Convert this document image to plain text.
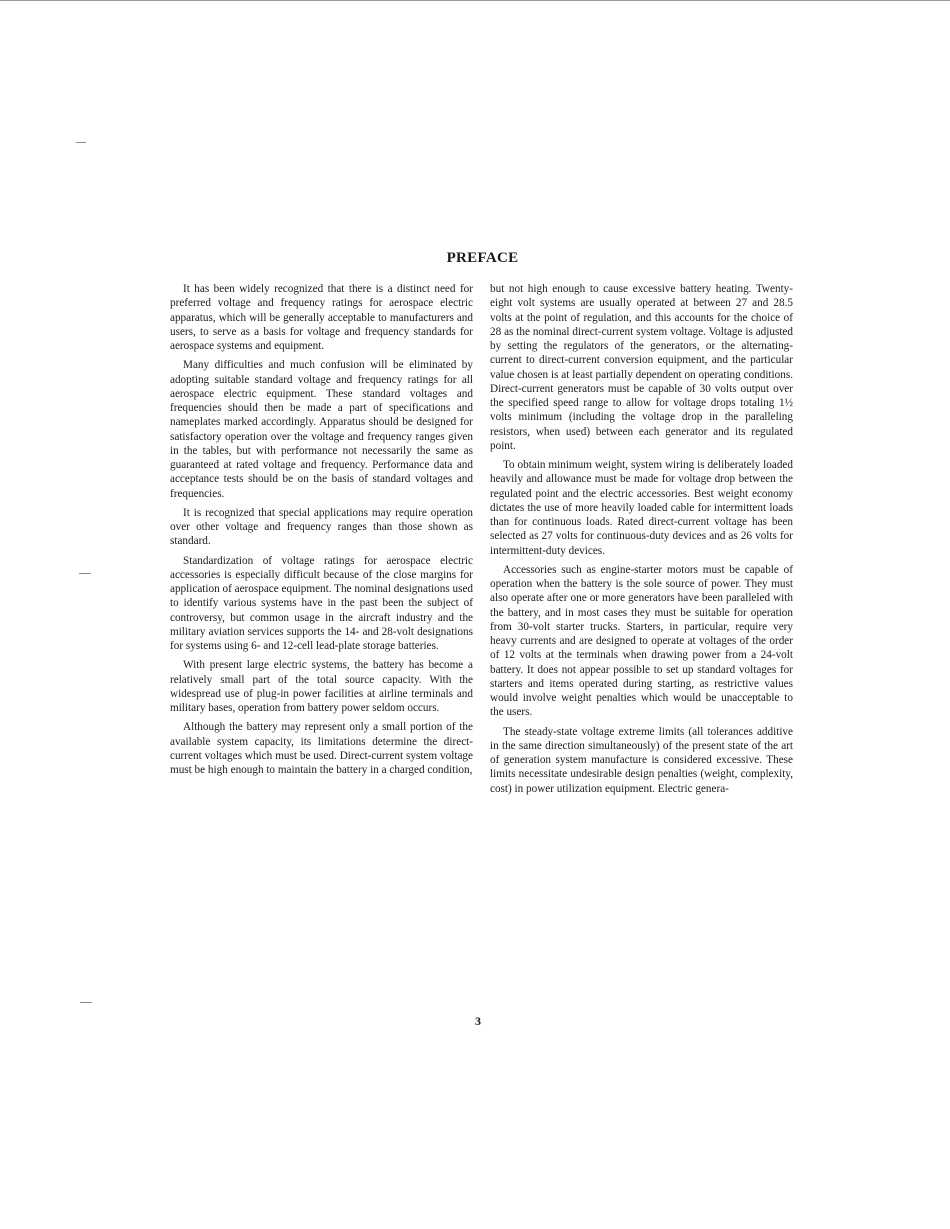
PREFACE

It has been widely recognized that there is a distinct need for preferred voltage and frequency ratings for aerospace electric apparatus, which will be generally acceptable to manufacturers and users, to serve as a basis for voltage and frequency standards for aerospace systems and equipment.

Many difficulties and much confusion will be eliminated by adopting suitable standard voltage and frequency ratings for all aerospace electric equipment. These standard voltages and frequencies should then be made a part of specifications and nameplates marked accordingly. Apparatus should be designed for satisfactory operation over the voltage and frequency ranges given in the tables, but with performance not necessarily the same as guaranteed at rated voltage and frequency. Performance data and acceptance tests should be on the basis of standard voltages and frequencies.

It is recognized that special applications may require operation over other voltage and frequency ranges than those shown as standard.

Standardization of voltage ratings for aerospace electric accessories is especially difficult because of the close margins for application of aerospace equipment. The nominal designations used to identify various systems have in the past been the subject of controversy, but common usage in the aircraft industry and the military aviation services supports the 14- and 28-volt designations for systems using 6- and 12-cell lead-plate storage batteries.

With present large electric systems, the battery has become a relatively small part of the total source capacity. With the widespread use of plug-in power facilities at airline terminals and military bases, operation from battery power seldom occurs.

Although the battery may represent only a small portion of the available system capacity, its limitations determine the direct-current voltages which must be used. Direct-current system voltage must be high enough to maintain the battery in a charged condition,

but not high enough to cause excessive battery heating. Twenty-eight volt systems are usually operated at between 27 and 28.5 volts at the point of regulation, and this accounts for the choice of 28 as the nominal direct-current system voltage. Voltage is adjusted by setting the regulators of the generators, or the alternating-current to direct-current conversion equipment, and the particular value chosen is at least partially dependent on operating conditions. Direct-current generators must be capable of 30 volts output over the specified speed range to allow for voltage drops totaling 1½ volts minimum (including the voltage drop in the paralleling resistors, when used) between each generator and its regulated point.

To obtain minimum weight, system wiring is deliberately loaded heavily and allowance must be made for voltage drop between the regulated point and the electric accessories. Best weight economy dictates the use of more heavily loaded cable for intermittent loads than for continuous loads. Rated direct-current voltage has been selected as 27 volts for continuous-duty devices and as 26 volts for intermittent-duty devices.

Accessories such as engine-starter motors must be capable of operation when the battery is the sole source of power. They must also operate after one or more generators have been paralleled with the battery, and in most cases they must be suitable for operation from 30-volt starter trucks. Starters, in particular, require very heavy currents and are designed to operate at voltages of the order of 12 volts at the terminals when drawing power from a 24-volt battery. It does not appear possible to set up standard voltages for starters and items operated during starting, as restrictive values would involve weight penalties which would be unacceptable to the users.

The steady-state voltage extreme limits (all tolerances additive in the same direction simultaneously) of the present state of the art of generation system manufacture is considered excessive. These limits necessitate undesirable design penalties (weight, complexity, cost) in power utilization equipment. Electric genera-

3
